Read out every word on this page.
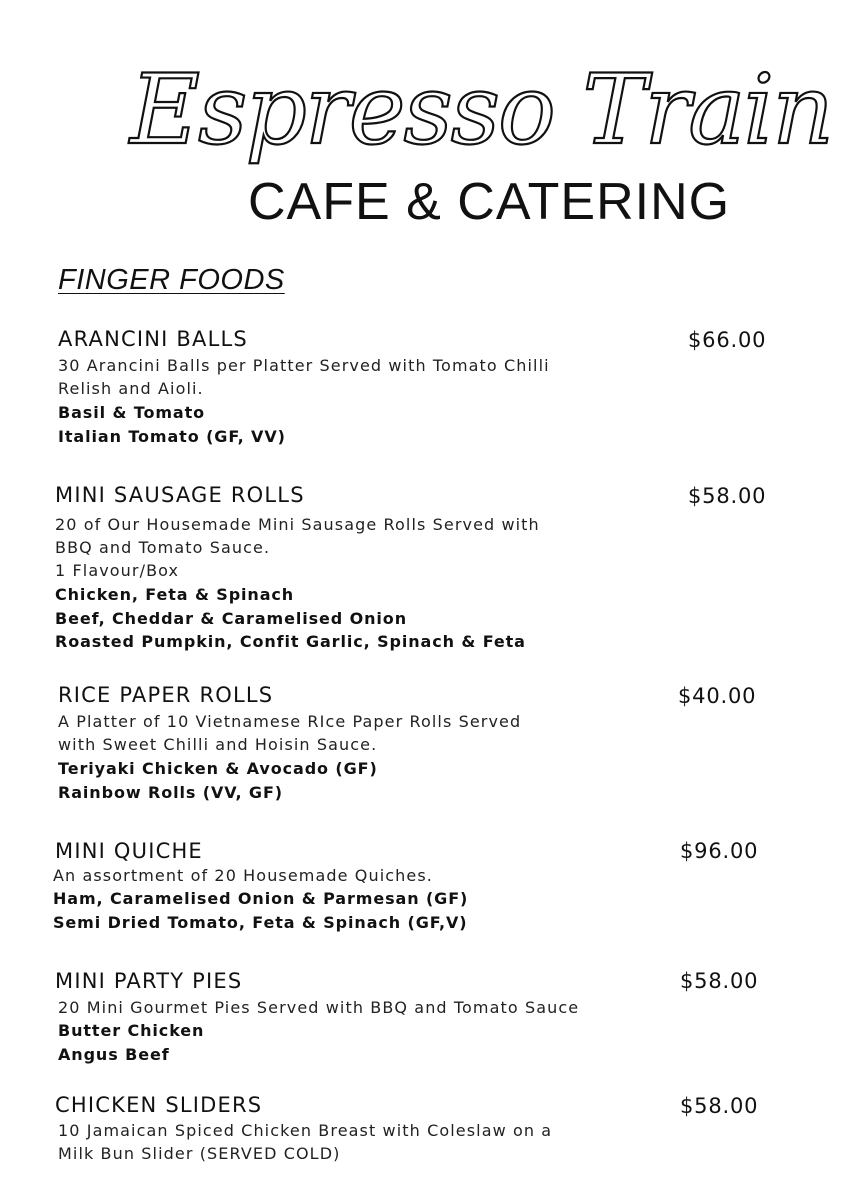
Espresso Train
CAFE & CATERING
FINGER FOODS
ARANCINI BALLS	$66.00
30 Arancini Balls per Platter Served with Tomato Chilli
Relish and Aioli.
Basil & Tomato
Italian Tomato (GF, VV)
MINI SAUSAGE ROLLS	$58.00
20 of Our Housemade Mini Sausage Rolls Served with
BBQ and Tomato Sauce.
1 Flavour/Box
Chicken, Feta & Spinach
Beef, Cheddar & Caramelised Onion
Roasted Pumpkin, Confit Garlic, Spinach & Feta
RICE PAPER ROLLS	$40.00
A Platter of 10 Vietnamese RIce Paper Rolls Served
with Sweet Chilli and Hoisin Sauce.
Teriyaki Chicken & Avocado (GF)
Rainbow Rolls (VV, GF)
MINI QUICHE	$96.00
An assortment of 20 Housemade Quiches.
Ham, Caramelised Onion & Parmesan (GF)
Semi Dried Tomato, Feta & Spinach (GF,V)
MINI PARTY PIES	$58.00
20 Mini Gourmet Pies Served with BBQ and Tomato Sauce
Butter Chicken
Angus Beef
CHICKEN SLIDERS	$58.00
10 Jamaican Spiced Chicken Breast with Coleslaw on a
Milk Bun Slider (SERVED COLD)
